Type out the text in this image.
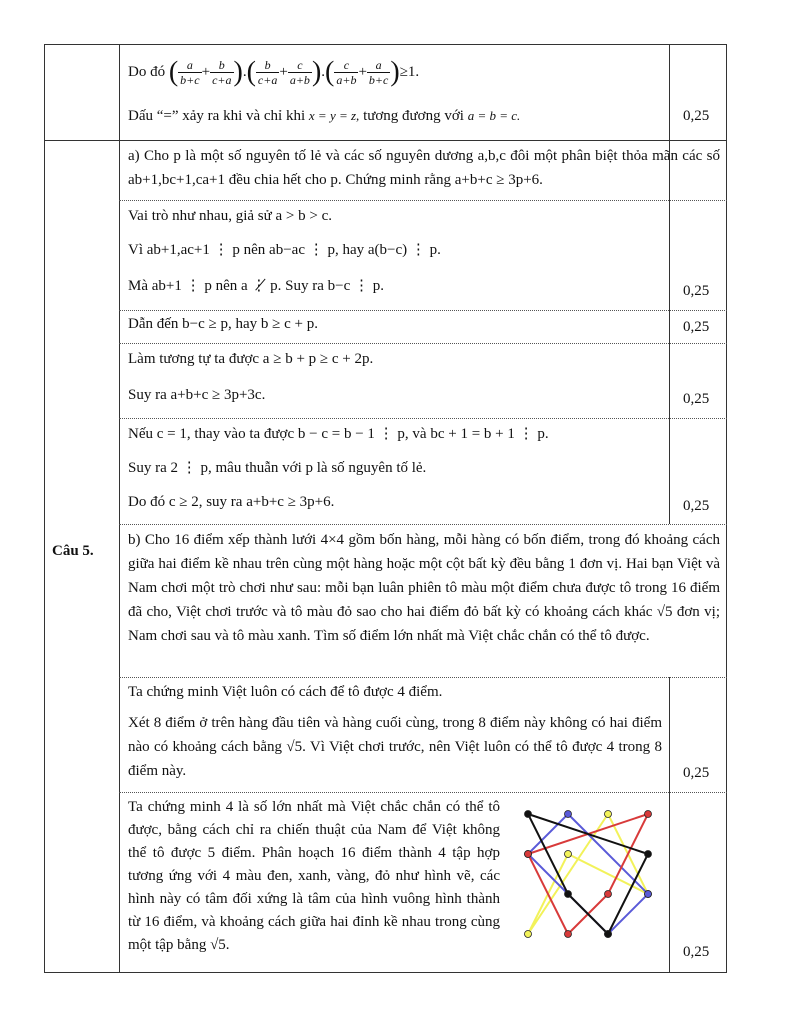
Do đó ( $\frac{a}{b+c} + \frac{b}{c+a}$ ).( $\frac{b}{c+a} + \frac{c}{a+b}$ ).( $\frac{c}{a+b} + \frac{a}{b+c} )\ge 1$.
Dấu “=” xảy ra khi và chỉ khi x = y = z, tương đương với a = b = c.	0,25
Câu 5.
a) Cho p là một số nguyên tố lẻ và các số nguyên dương a,b,c đôi một phân biệt thỏa mãn các số ab+1,bc+1,ca+1 đều chia hết cho p. Chứng minh rằng a+b+c ≥ 3p+6.
Vai trò như nhau, giả sử a > b > c.
Vì ab+1,ac+1 ⋮ p nên ab−ac ⋮ p, hay a(b−c) ⋮ p.
Mà ab+1 ⋮ p nên a ⋮̸ p. Suy ra b−c ⋮ p.	0,25
Dẫn đến b−c ≥ p, hay b ≥ c + p.	0,25
Làm tương tự ta được a ≥ b + p ≥ c + 2p.
Suy ra a+b+c ≥ 3p+3c.	0,25
Nếu c = 1, thay vào ta được b − c = b − 1 ⋮ p, và bc + 1 = b + 1 ⋮ p.
Suy ra 2 ⋮ p, mâu thuẫn với p là số nguyên tố lẻ.
Do đó c ≥ 2, suy ra a+b+c ≥ 3p+6.	0,25
b) Cho 16 điểm xếp thành lưới 4×4 gồm bốn hàng, mỗi hàng có bốn điểm, trong đó khoảng cách giữa hai điểm kề nhau trên cùng một hàng hoặc một cột bất kỳ đều bằng 1 đơn vị. Hai bạn Việt và Nam chơi một trò chơi như sau: mỗi bạn luân phiên tô màu một điểm chưa được tô trong 16 điểm đã cho, Việt chơi trước và tô màu đỏ sao cho hai điểm đỏ bất kỳ có khoảng cách khác √5 đơn vị; Nam chơi sau và tô màu xanh. Tìm số điểm lớn nhất mà Việt chắc chắn có thể tô được.
Ta chứng minh Việt luôn có cách để tô được 4 điểm.
Xét 8 điểm ở trên hàng đầu tiên và hàng cuối cùng, trong 8 điểm này không có hai điểm nào có khoảng cách bằng √5. Vì Việt chơi trước, nên Việt luôn có thể tô được 4 trong 8 điểm này.	0,25
Ta chứng minh 4 là số lớn nhất mà Việt chắc chắn có thể tô được, bằng cách chỉ ra chiến thuật của Nam để Việt không thể tô được 5 điểm. Phân hoạch 16 điểm thành 4 tập hợp tương ứng với 4 màu đen, xanh, vàng, đỏ như hình vẽ, các hình này có tâm đối xứng là tâm của hình vuông hình thành từ 16 điểm, và khoảng cách giữa hai đỉnh kề nhau trong cùng một tập bằng √5.	0,25
